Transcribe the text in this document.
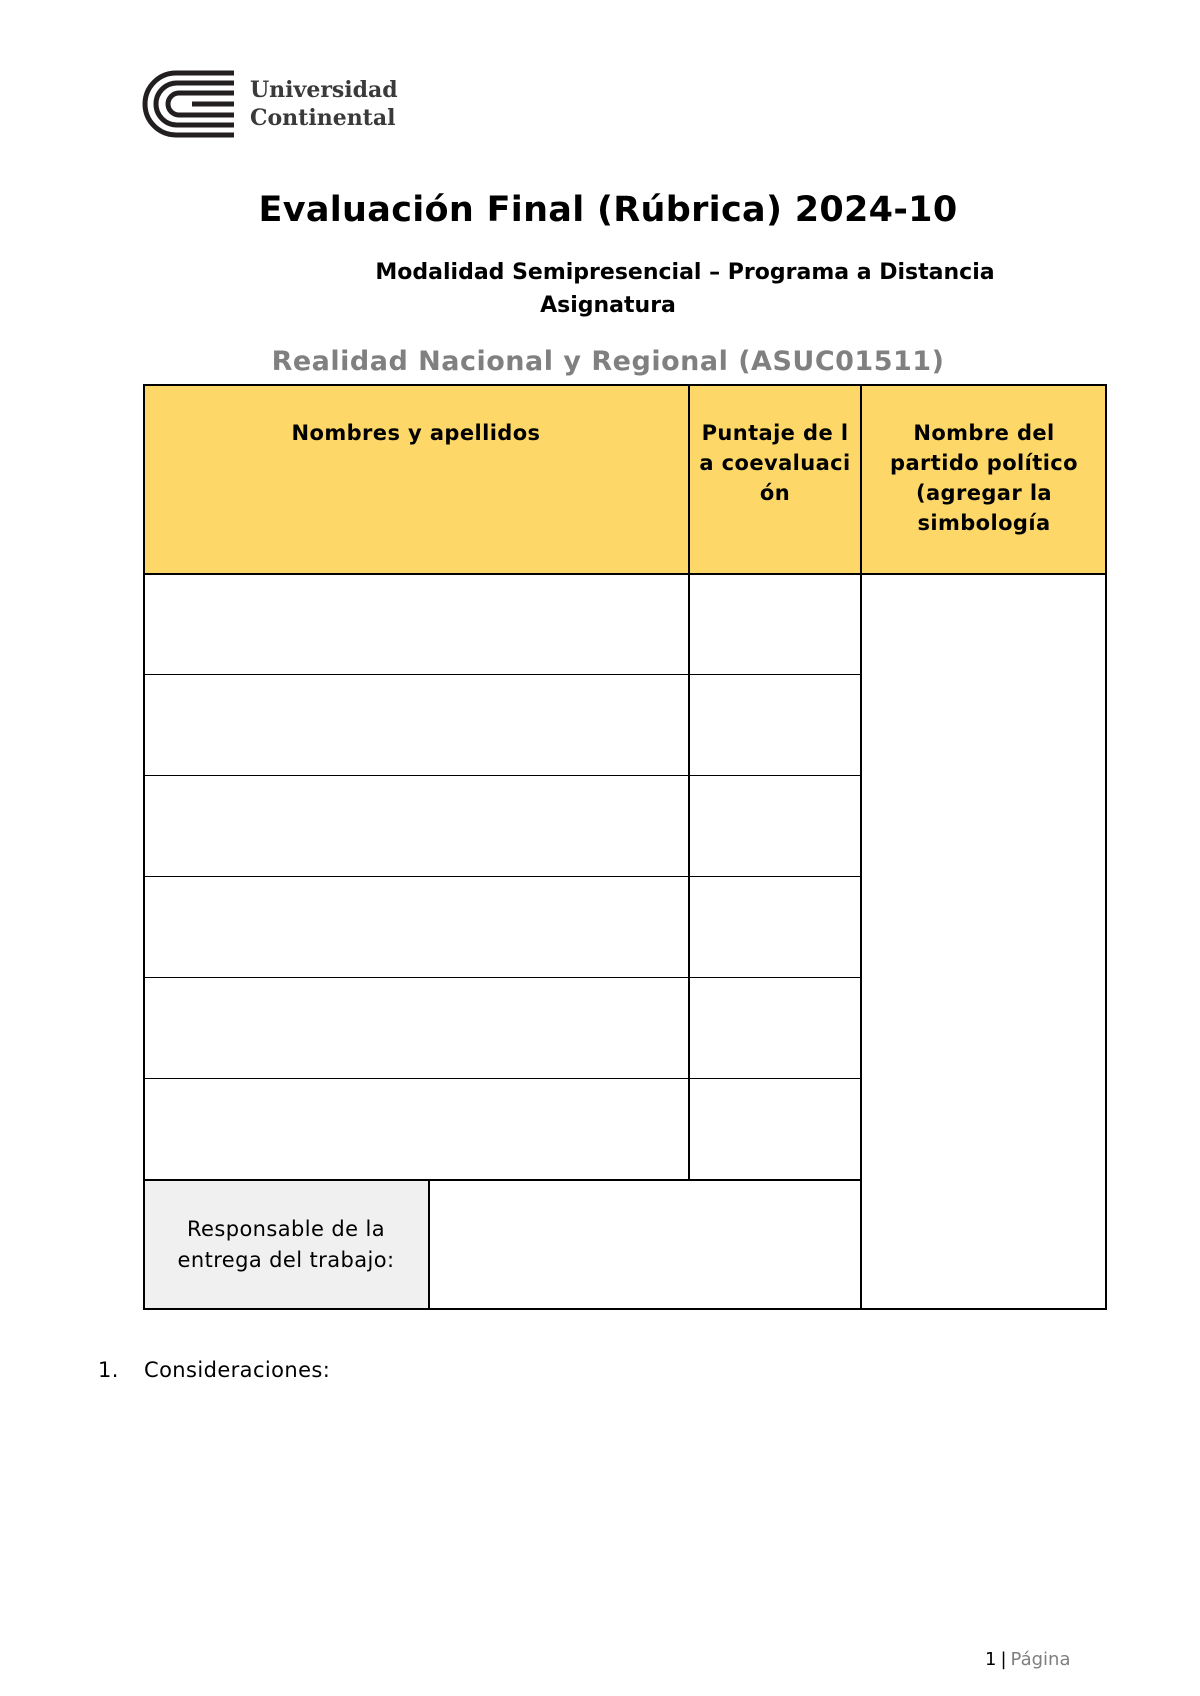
Universidad
Continental
Evaluación Final (Rúbrica) 2024-10
Modalidad Semipresencial – Programa a Distancia
Asignatura
Realidad Nacional y Regional (ASUC01511)
Nombres y apellidos	Puntaje de la coevaluación
Nombre del partido político (agregar la simbología
Responsable de la entrega del trabajo:
1. Consideraciones:
1 | Página
